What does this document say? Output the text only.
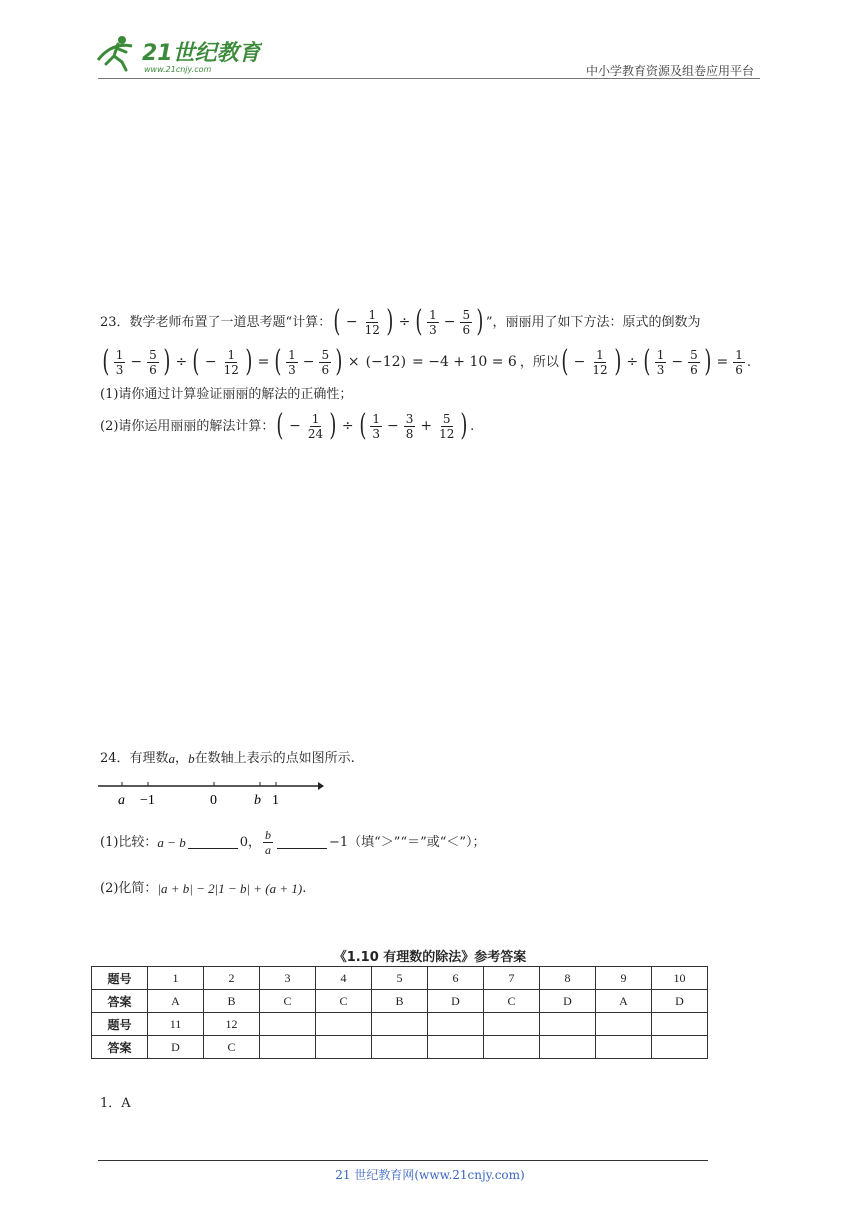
21世纪教育
www.21cnjy.com	中小学教育资源及组卷应用平台
23．数学老师布置了一道思考题“计算： ( − $\frac{1}{12}$ ) ÷ ( $\frac{1}{3} - \frac{5}{6}$ ) ”，丽丽用了如下方法：原式的倒数为
( $\frac{1}{3} - \frac{5}{6}$ ) ÷ ( − $\frac{1}{12}$ ) = ( $\frac{1}{3} - \frac{5}{6}$ ) × (−12) = −4 + 10 = 6 ，所以 ( − $\frac{1}{12}$ ) ÷ ( $\frac{1}{3} - \frac{5}{6}$ ) = $\frac{1}{6}$ .
(1)请你通过计算验证丽丽的解法的正确性；
(2)请你运用丽丽的解法计算： ( − $\frac{1}{24}$ ) ÷ ( $\frac{1}{3} - \frac{3}{8} + \frac{5}{12}$ ) .
24．有理数 a ， b 在数轴上表示的点如图所示.
a −1	0	b 1
(1)比较： a − b	0， $\frac{b}{a}$	−1（填“＞”“＝”或“＜”）；
(2)化简： |a + b| − 2|1 − b| + (a + 1) .
《1.10 有理数的除法》参考答案
题号	1	2	3	4	5	6	7	8	9	10
答案	A	B	C	C	B	D	C	D	A	D
题号	11	12								
答案	D	C								
1．A
21 世纪教育网(www.21cnjy.com)
